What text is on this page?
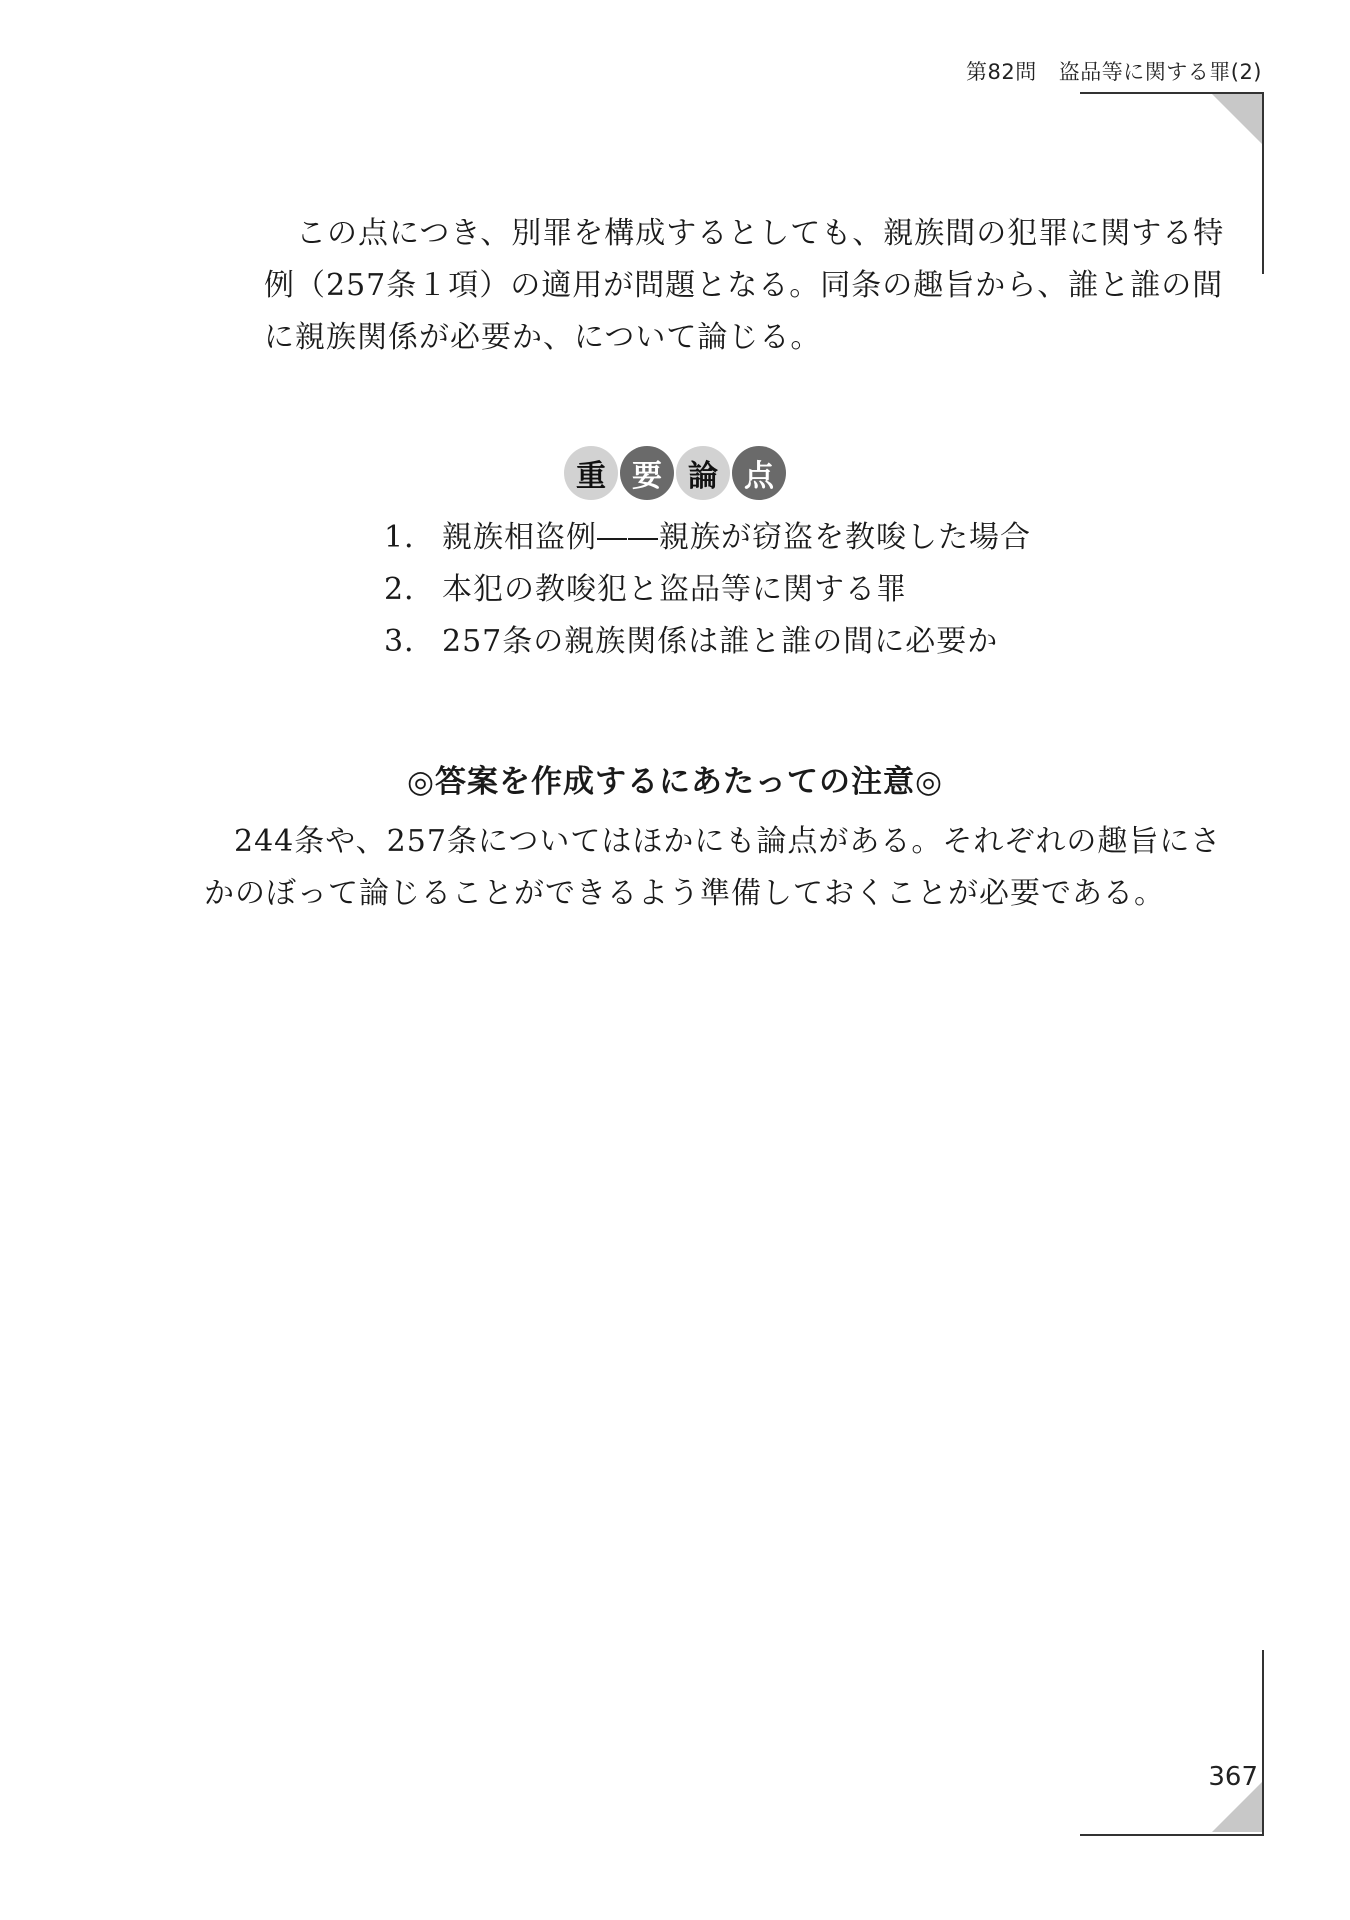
第82問 盗品等に関する罪(2)

この点につき、別罪を構成するとしても、親族間の犯罪に関する特例（257条１項）の適用が問題となる。同条の趣旨から、誰と誰の間に親族関係が必要か、について論じる。

重 要 論 点
1． 親族相盗例――親族が窃盗を教唆した場合
2． 本犯の教唆犯と盗品等に関する罪
3． 257条の親族関係は誰と誰の間に必要か
◎答案を作成するにあたっての注意◎

244条や、257条についてはほかにも論点がある。それぞれの趣旨にさかのぼって論じることができるよう準備しておくことが必要である。

367
